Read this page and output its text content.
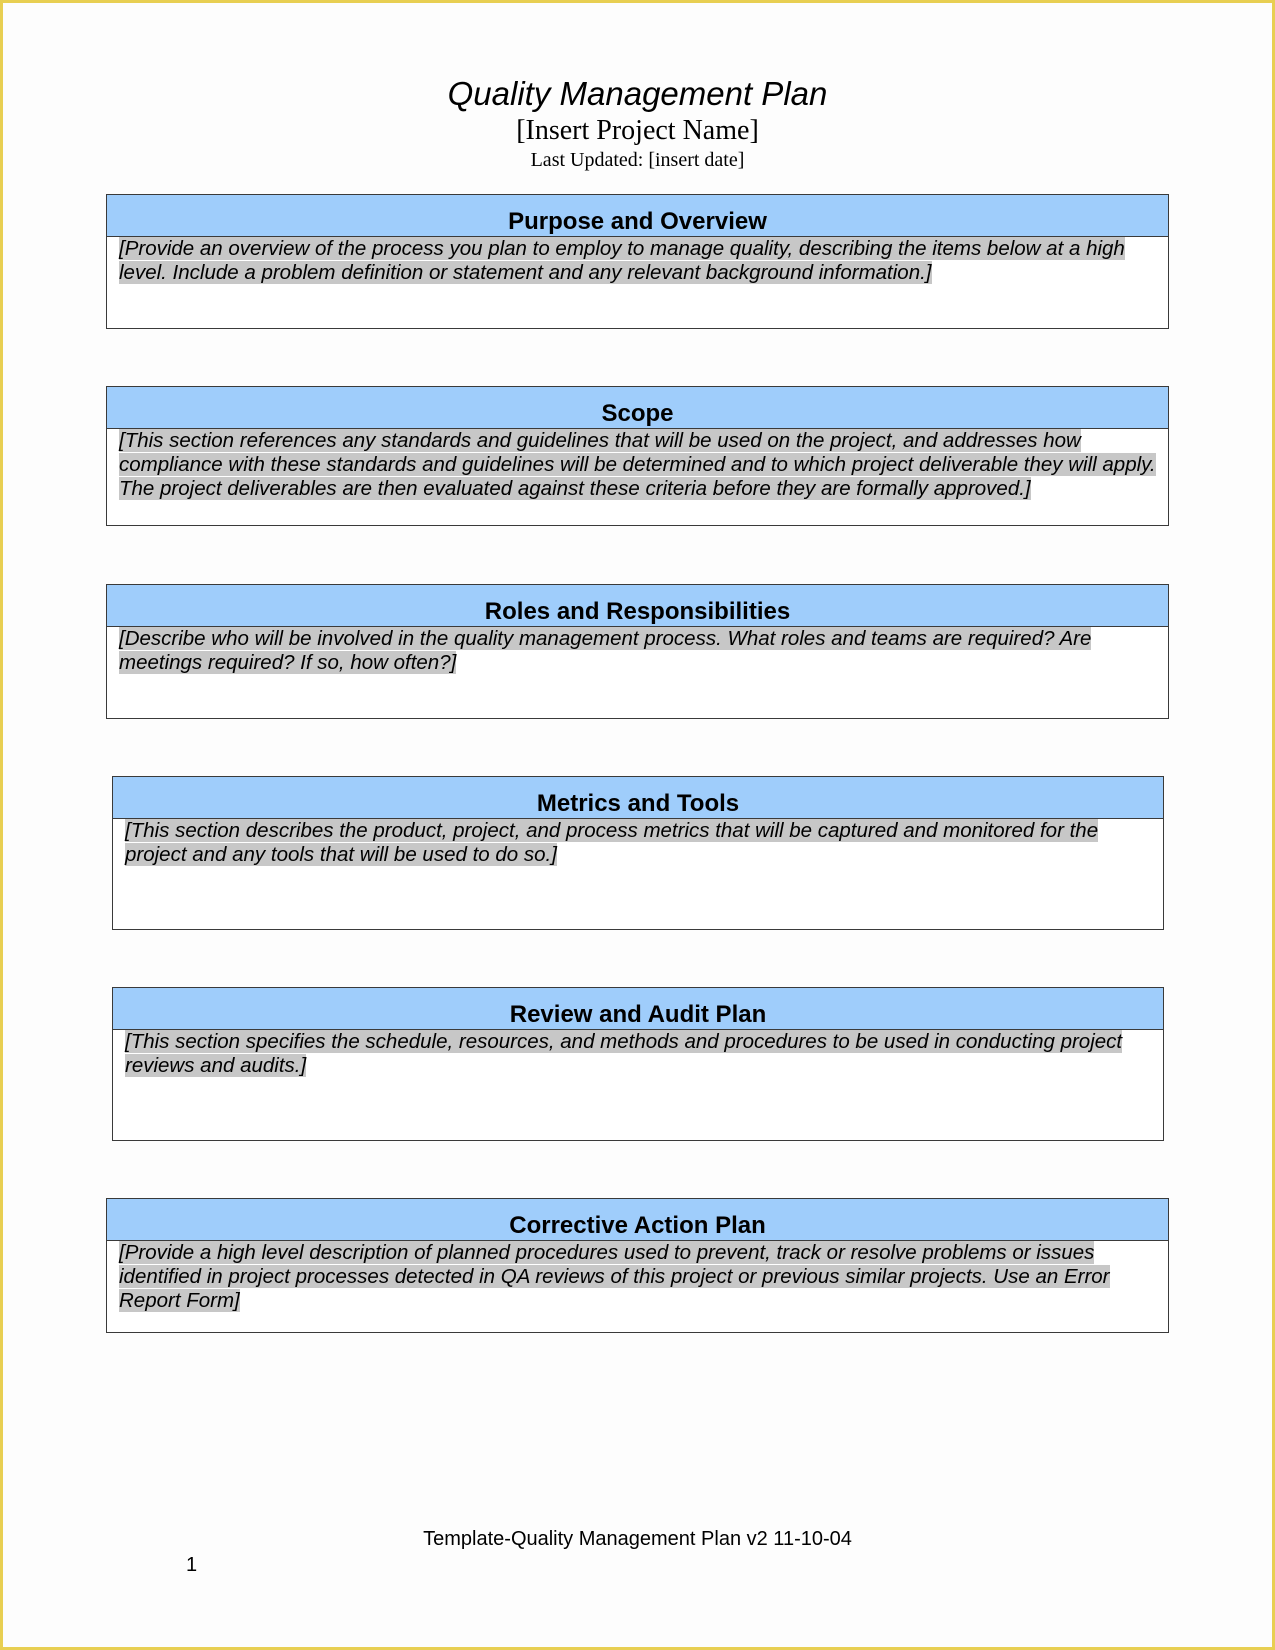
Quality Management Plan
[Insert Project Name]
Last Updated: [insert date]
Purpose and Overview
[Provide an overview of the process you plan to employ to manage quality, describing the items below at a high level. Include a problem definition or statement and any relevant background information.]
Scope
[This section references any standards and guidelines that will be used on the project, and addresses how compliance with these standards and guidelines will be determined and to which project deliverable they will apply. The project deliverables are then evaluated against these criteria before they are formally approved.]
Roles and Responsibilities
[Describe who will be involved in the quality management process. What roles and teams are required? Are meetings required? If so, how often?]
Metrics and Tools
[This section describes the product, project, and process metrics that will be captured and monitored for the project and any tools that will be used to do so.]
Review and Audit Plan
[This section specifies the schedule, resources, and methods and procedures to be used in conducting project reviews and audits.]
Corrective Action Plan
[Provide a high level description of planned procedures used to prevent, track or resolve problems or issues identified in project processes detected in QA reviews of this project or previous similar projects. Use an Error Report Form]
Template-Quality Management Plan v2 11-10-04
1
